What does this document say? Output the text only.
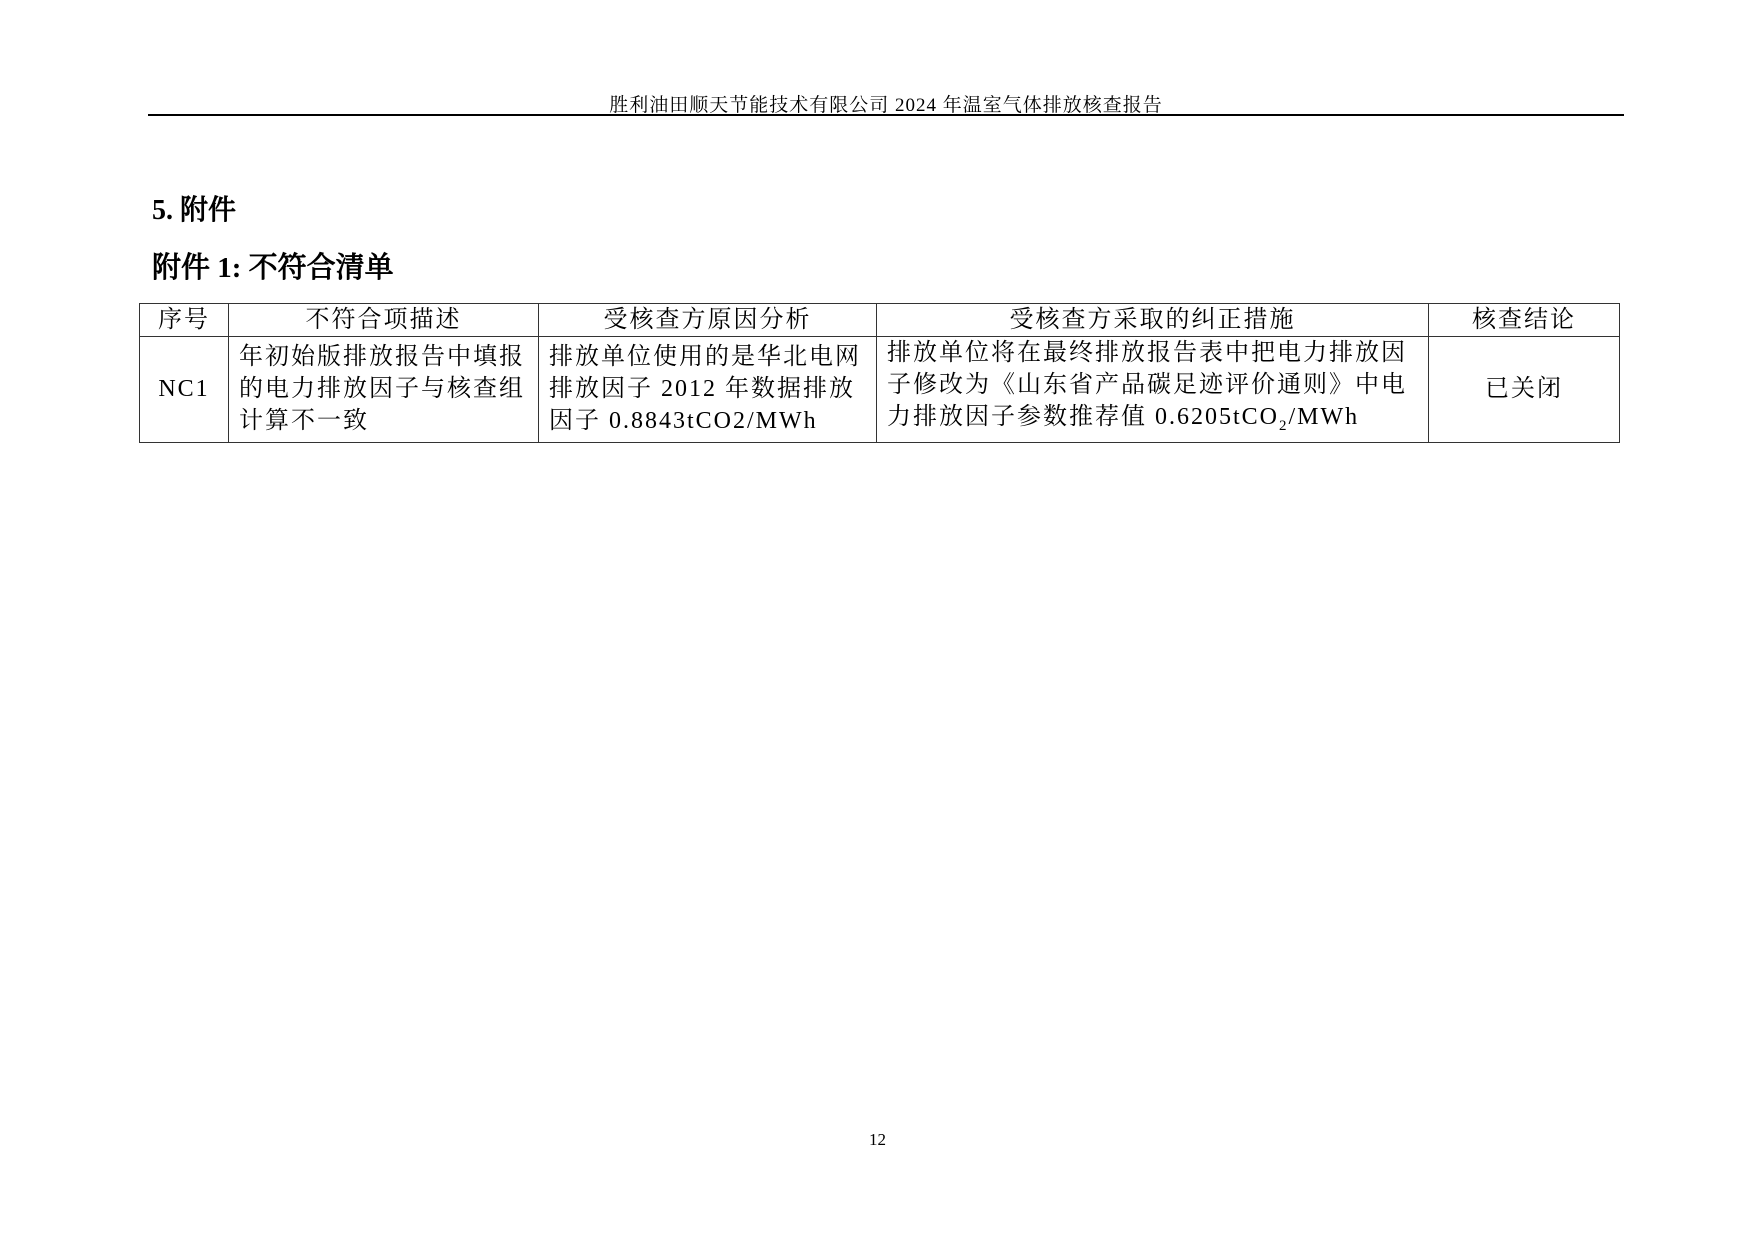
胜利油田顺天节能技术有限公司 2024 年温室气体排放核查报告
5. 附件
附件 1: 不符合清单
序号	不符合项描述	受核查方原因分析	受核查方采取的纠正措施	核查结论
NC1	年初始版排放报告中填报的电力排放因子与核查组计算不一致	排放单位使用的是华北电网排放因子 2012 年数据排放因子 0.8843tCO2/MWh	排放单位将在最终排放报告表中把电力排放因子修改为《山东省产品碳足迹评价通则》中电力排放因子参数推荐值 0.6205tCO$_2$/MWh	已关闭
12
